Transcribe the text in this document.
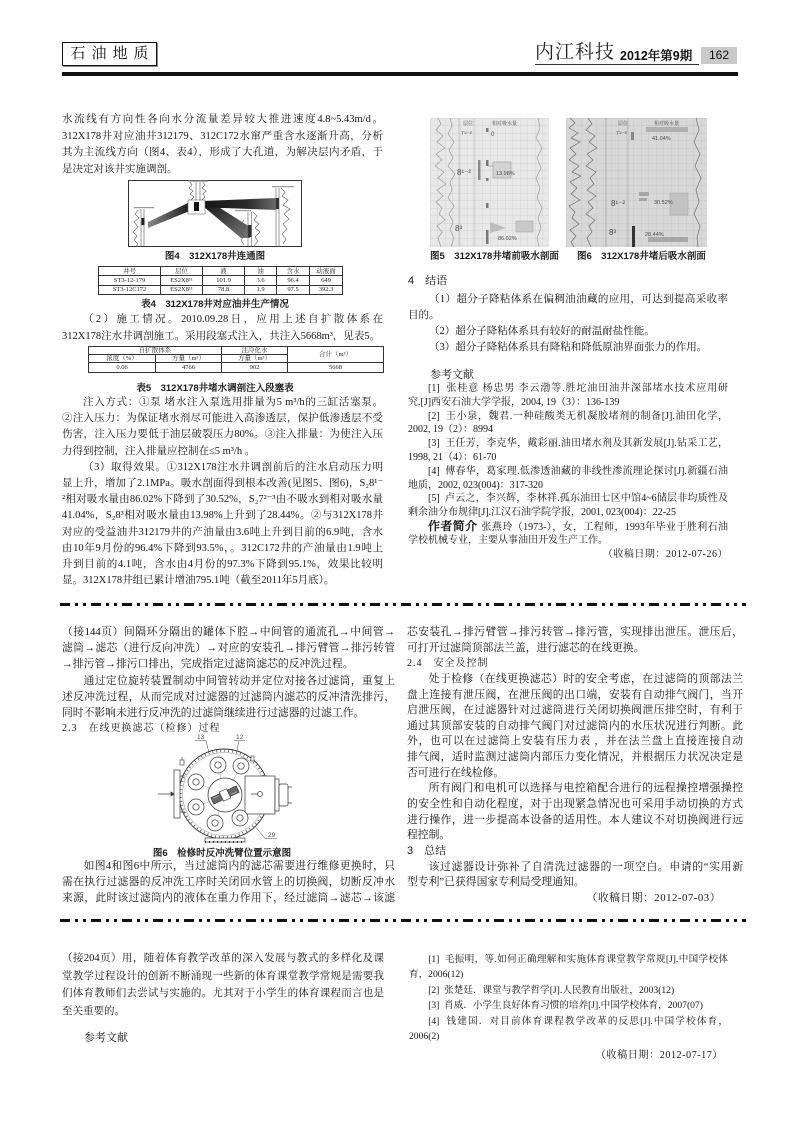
石油地质	内江科技 2012年第9期	162
水流线有方向性各向水分流量差异较大推进速度4.8~5.43m/d。
312X178井对应油井312179、312C172水窜严重含水逐渐升高，分析
其为主流线方向（图4、表4），形成了大孔道，为解决层内矛盾，于
是决定对该井实施调剖。
图4　312X178井连通图
井号	层位	液	油	含水	动液面
ST3-12-179	ES2X8¹¹	101.9	3.6	96.4	649
ST3-12C172	ES2X8¹¹	78.8	1.9	97.5	392.3
表4　312X178井对应油井生产情况
（2）施工情况。2010.09.28日，应用上述自扩散体系在
312X178注水井调剖施工。采用段塞式注入，共注入5668m³，见表5。
自扩散体系		注冷化水	合计（m³）
浓度（%）	方量（m³）	方量（m³）	
0.06	4766	902	5668
表5　312X178井堵水调剖注入段塞表
注入方式：①泵 堵水注入泵选用排量为5 m³/h的三缸活塞泵。
②注入压力：为保证堵水剂尽可能进入高渗透层，保护低渗透层不受
伤害，注入压力要低于油层破裂压力80%。③注入排量：为使注入压
力得到控制，注入排量应控制在≤5 m³/h 。
（3）取得效果。①312X178注水井调剖前后的注水启动压力明
显上升，增加了2.1MPa。吸水剖面得到根本改善(见图5、图6)，S₂8¹⁻
²相对吸水量由86.02%下降到了30.52%，S₂7²⁻³由不吸水到相对吸水量
41.04%，S₂8³相对吸水量由13.98%上升到了28.44%。②与312X178井
对应的受益油井312179井的产油量由3.6吨上升到目前的6.9吨，含水
由10年9月份的96.4%下降到93.5%，。312C172井的产油量由1.9吨上
升到目前的4.1吨，含水由4月份的97.3%下降到95.1%，效果比较明
显。312X178井组已累计增油795.1吨（截至2011年5月底）。
层位	相对吸水量
7⁽²⁻³⁾	0
8¹⁻²	13.98%
8³
86.02%
层位	相对吸水量
7⁽²⁻³⁾
41.04%
8¹⁻²	30.52%
8³	28.44%
图5　312X178井堵前吸水剖面 图6　312X178井堵后吸水剖面
4　结语
（1）超分子降粘体系在偏稠油油藏的应用，可达到提高采收率
目的。
（2）超分子降粘体系具有较好的耐温耐盐性能。
（3）超分子降粘体系具有降粘和降低原油界面张力的作用。
参考文献
[1]  张桂意 杨忠男 李云渤等.胜坨油田油井深部堵水技术应用研
究.[J]西安石油大学学报，2004, 19（3）：136-139
[2]  王小泉，魏君.一种硅酸类无机凝胶堵剂的制备[J].油田化学，
2002, 19（2）：8994
[3]  王任芳，李克华，戴彩丽.油田堵水剂及其新发展[J].钻采工艺，
1998, 21（4）：61-70
[4]  傅春华，葛家理.低渗透油藏的非线性渗流理论探讨[J].新疆石油
地质，2002, 023(004)：317-320
[5]  卢云之，李兴辉，李林祥.孤东油田七区中馆4~6储层非均质性及
剩余油分布规律[J].江汉石油学院学报，2001, 023(004)：22-25
作者简介 张燕玲（1973-），女，工程师，1993年毕业于胜利石油
学校机械专业，主要从事油田开发生产工作。
（收稿日期：2012-07-26）
（接144页）间隔环分隔出的罐体下腔→中间管的通流孔→中间管→
滤筒→滤芯（进行反向冲洗）→对应的安装孔→排污臂管→排污转管
→排污管→排污口排出，完成指定过滤筒滤芯的反冲洗过程。
通过定位旋转装置制动中间管转动并定位对接各过滤筒，重复上
述反冲洗过程，从而完成对过滤器的过滤筒内滤芯的反冲清洗排污，
同时不影响未进行反冲洗的过滤筒继续进行过滤器的过滤工作。
2.3　在线更换滤芯（检修）过程
13	12
29
图6　检修时反冲洗臂位置示意图
如图4和图6中所示，当过滤筒内的滤芯需要进行维修更换时，只
需在执行过滤器的反冲洗工序时关闭回水管上的切换阀，切断反冲水
来源，此时该过滤筒内的液体在重力作用下，经过滤筒→滤芯→该滤
芯安装孔→排污臂管→排污转管→排污管，实现排出泄压。泄压后，
可打开过滤筒顶部法兰盖，进行滤芯的在线更换。
2.4　安全及控制
处于检修（在线更换滤芯）时的安全考虑，在过滤筒的顶部法兰
盘上连接有泄压阀，在泄压阀的出口端，安装有自动排气阀门，当开
启泄压阀，在过滤器针对过滤筒进行关闭切换阀泄压排空时，有利于
通过其顶部安装的自动排气阀门对过滤筒内的水压状况进行判断。此
外，也可以在过滤筒上安装有压力表 ，并在法兰盘上直接连接自动
排气阀，适时监测过滤筒内部压力变化情况，并根据压力状况决定是
否可进行在线检修。
所有阀门和电机可以选择与电控箱配合进行的远程操控增强操控
的安全性和自动化程度，对于出现紧急情况也可采用手动切换的方式
进行操作，进一步提高本设备的适用性。本人建议不对切换阀进行远
程控制。
3　总结
该过滤器设计弥补了自清洗过滤器的一项空白。申请的“实用新
型专利”已获得国家专利局受理通知。
（收稿日期：2012-07-03）
（接204页）用，随着体育教学改革的深入发展与教式的多样化及课
堂教学过程设计的创新不断涌现一些新的体育课堂教学常规是需要我
们体育教师们去尝试与实施的。尤其对于小学生的体育课程而言也是
至关重要的。
参考文献
[1]  毛振明，等.如何正确理解和实施体育课堂教学常规[J].中国学校体
育，2006(12)
[2]  张楚廷．课堂与教学哲学[J].人民教育出版社，2003(12)
[3]  肖威．小学生良好体育习惯的培养[J].中国学校体育，2007(07)
[4]  钱建国．对目前体育课程教学改革的反思[J].中国学校体育，
2006(2)
（收稿日期：2012-07-17）
